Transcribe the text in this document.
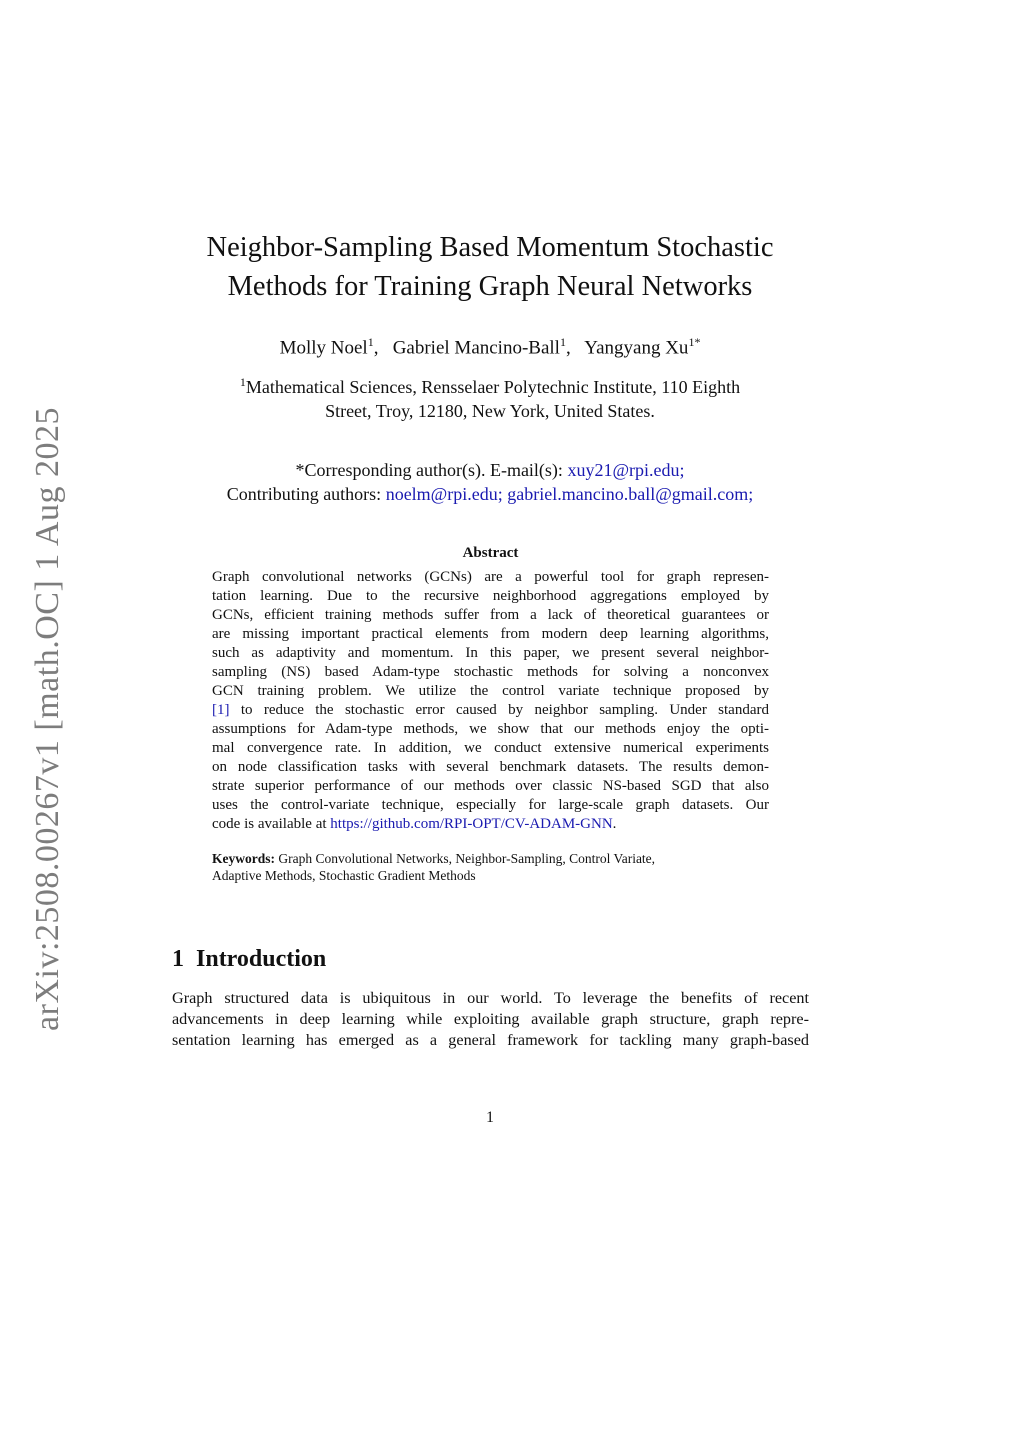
arXiv:2508.00267v1 [math.OC] 1 Aug 2025
Neighbor-Sampling Based Momentum Stochastic
Methods for Training Graph Neural Networks
Molly Noel$^1$,   Gabriel Mancino-Ball$^1$,   Yangyang $Xu^{1*}$
$^1$Mathematical Sciences, Rensselaer Polytechnic Institute, 110 Eighth
Street, Troy, 12180, New York, United States.
*Corresponding author(s). E-mail(s): xuy21@rpi.edu;
Contributing authors: noelm@rpi.edu; gabriel.mancino.ball@gmail.com;
Abstract
Graph convolutional networks (GCNs) are a powerful tool for graph represen-
tation learning. Due to the recursive neighborhood aggregations employed by
GCNs, efficient training methods suffer from a lack of theoretical guarantees or
are missing important practical elements from modern deep learning algorithms,
such as adaptivity and momentum. In this paper, we present several neighbor-
sampling (NS) based Adam-type stochastic methods for solving a nonconvex
GCN training problem. We utilize the control variate technique proposed by
[1] to reduce the stochastic error caused by neighbor sampling. Under standard
assumptions for Adam-type methods, we show that our methods enjoy the opti-
mal convergence rate. In addition, we conduct extensive numerical experiments
on node classification tasks with several benchmark datasets. The results demon-
strate superior performance of our methods over classic NS-based SGD that also
uses the control-variate technique, especially for large-scale graph datasets. Our
code is available at https://github.com/RPI-OPT/CV-ADAM-GNN.
Keywords: Graph Convolutional Networks, Neighbor-Sampling, Control Variate,
Adaptive Methods, Stochastic Gradient Methods
1 Introduction
Graph structured data is ubiquitous in our world. To leverage the benefits of recent
advancements in deep learning while exploiting available graph structure, graph repre-
sentation learning has emerged as a general framework for tackling many graph-based
1
